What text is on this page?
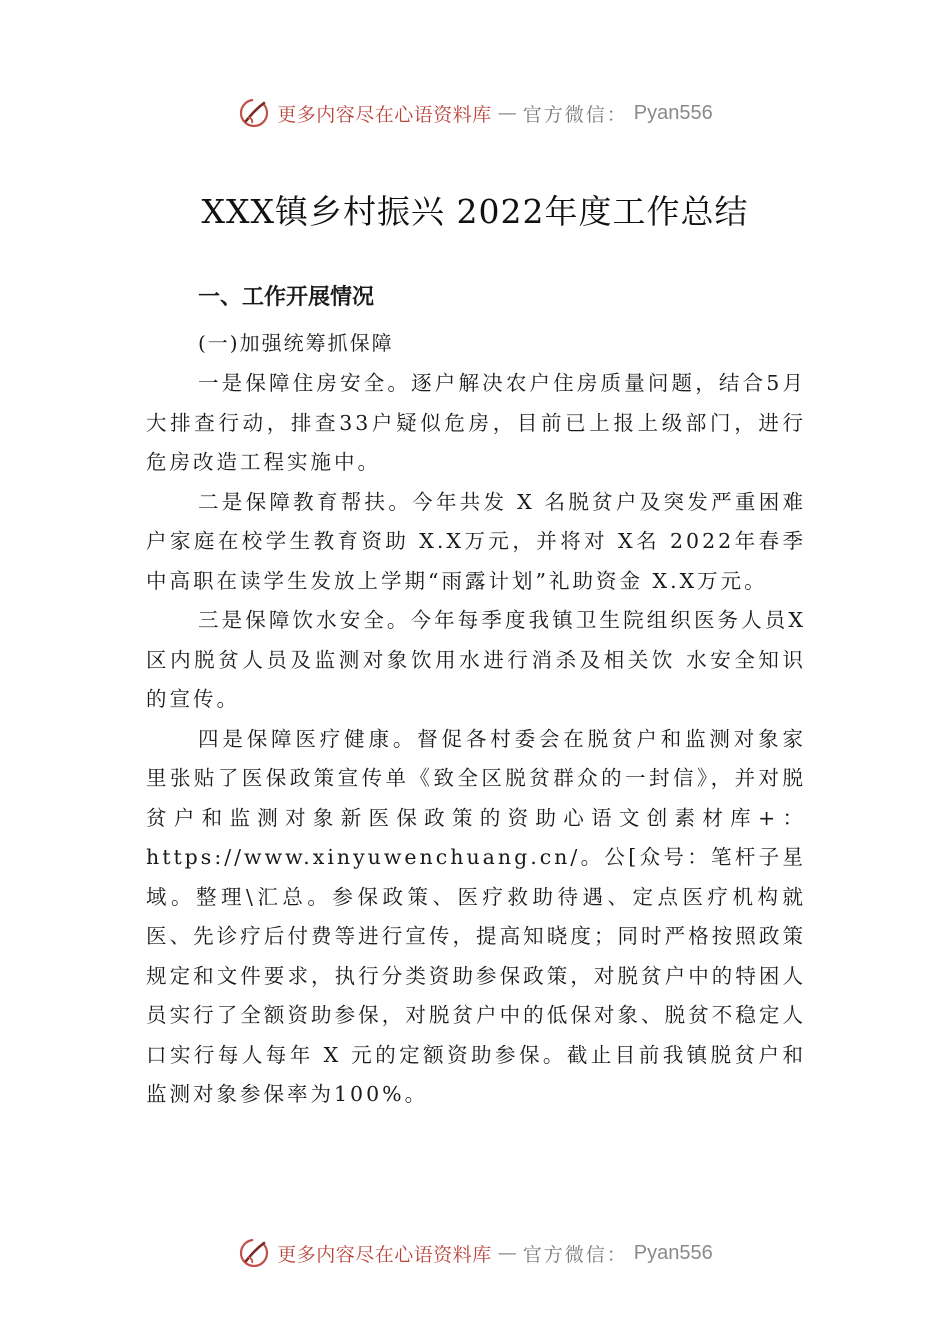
更多内容尽在心语资料库 — 官方微信： Pyan556
XXX镇乡村振兴 2022年度工作总结
一、工作开展情况
(一)加强统筹抓保障

一是保障住房安全。逐户解决农户住房质量问题，结合5月大排查行动，排查33户疑似危房，目前已上报上级部门，进行危房改造工程实施中。

二是保障教育帮扶。今年共发 X 名脱贫户及突发严重困难户家庭在校学生教育资助 X.X万元，并将对 X名 2022年春季中高职在读学生发放上学期“雨露计划”礼助资金 X.X万元。

三是保障饮水安全。今年每季度我镇卫生院组织医务人员X区内脱贫人员及监测对象饮用水进行消杀及相关饮 水安全知识的宣传。

四是保障医疗健康。督促各村委会在脱贫户和监测对象家里张贴了医保政策宣传单《致全区脱贫群众的一封信》，并对脱贫户和监测对象新医保政策的资助心语文创素材库+：https://www.xinyuwenchuang.cn/。公[众号：笔杆子星域。整理\汇总。参保政策、医疗救助待遇、定点医疗机构就医、先诊疗后付费等进行宣传，提高知晓度；同时严格按照政策规定和文件要求，执行分类资助参保政策，对脱贫户中的特困人员实行了全额资助参保，对脱贫户中的低保对象、脱贫不稳定人口实行每人每年 X 元的定额资助参保。截止目前我镇脱贫户和监测对象参保率为100%。

更多内容尽在心语资料库 — 官方微信： Pyan556
